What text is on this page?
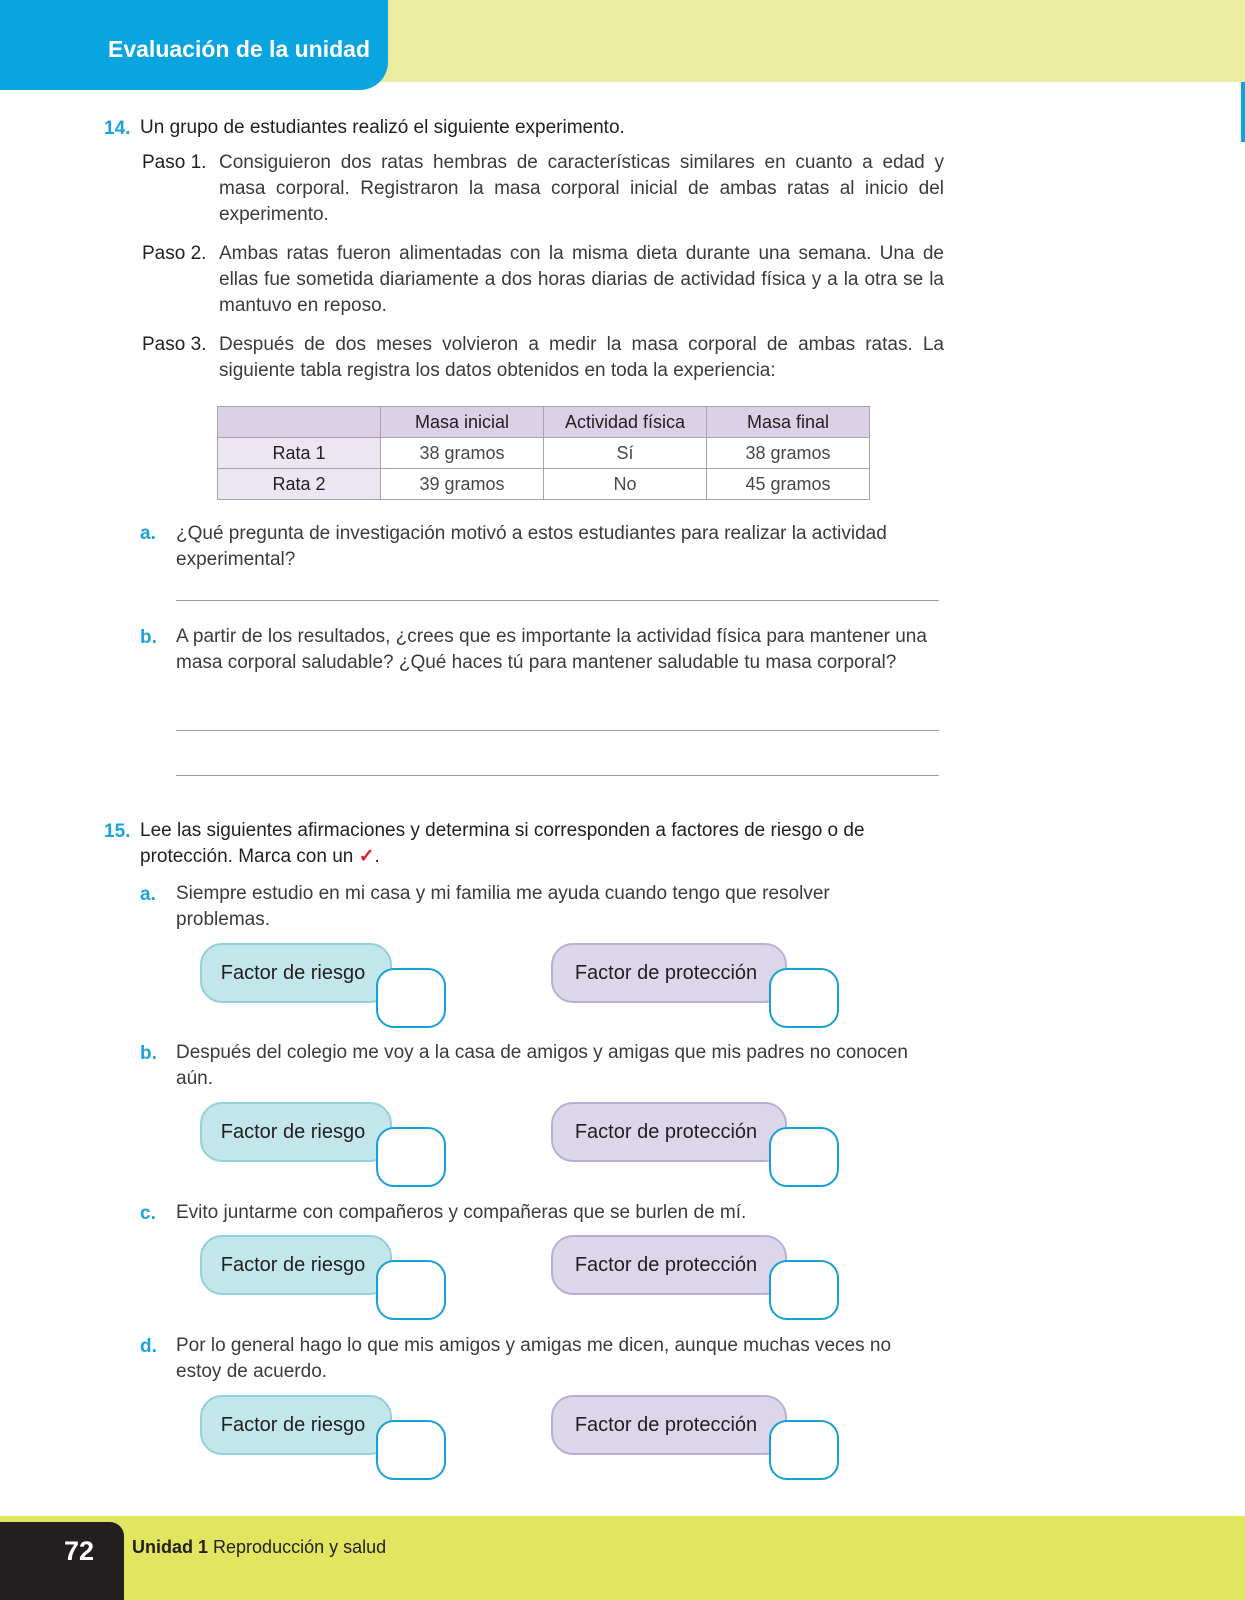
Evaluación de la unidad
14. Un grupo de estudiantes realizó el siguiente experimento.
Paso 1. Consiguieron dos ratas hembras de características similares en cuanto a edad y masa corporal. Registraron la masa corporal inicial de ambas ratas al inicio del experimento.
Paso 2. Ambas ratas fueron alimentadas con la misma dieta durante una semana. Una de ellas fue sometida diariamente a dos horas diarias de actividad física y a la otra se la mantuvo en reposo.
Paso 3. Después de dos meses volvieron a medir la masa corporal de ambas ratas. La siguiente tabla registra los datos obtenidos en toda la experiencia:
	Masa inicial	Actividad física	Masa final
Rata 1	38 gramos	Sí	38 gramos
Rata 2	39 gramos	No	45 gramos
a. ¿Qué pregunta de investigación motivó a estos estudiantes para realizar la actividad experimental?
b. A partir de los resultados, ¿crees que es importante la actividad física para mantener una masa corporal saludable? ¿Qué haces tú para mantener saludable tu masa corporal?
15. Lee las siguientes afirmaciones y determina si corresponden a factores de riesgo o de
protección. Marca con un ✓.
a. Siempre estudio en mi casa y mi familia me ayuda cuando tengo que resolver problemas.
Factor de riesgo	Factor de protección
b. Después del colegio me voy a la casa de amigos y amigas que mis padres no conocen aún.
Factor de riesgo	Factor de protección
c. Evito juntarme con compañeros y compañeras que se burlen de mí.
Factor de riesgo	Factor de protección
d. Por lo general hago lo que mis amigos y amigas me dicen, aunque muchas veces no estoy de acuerdo.
Factor de riesgo	Factor de protección
72	Unidad 1 Reproducción y salud
